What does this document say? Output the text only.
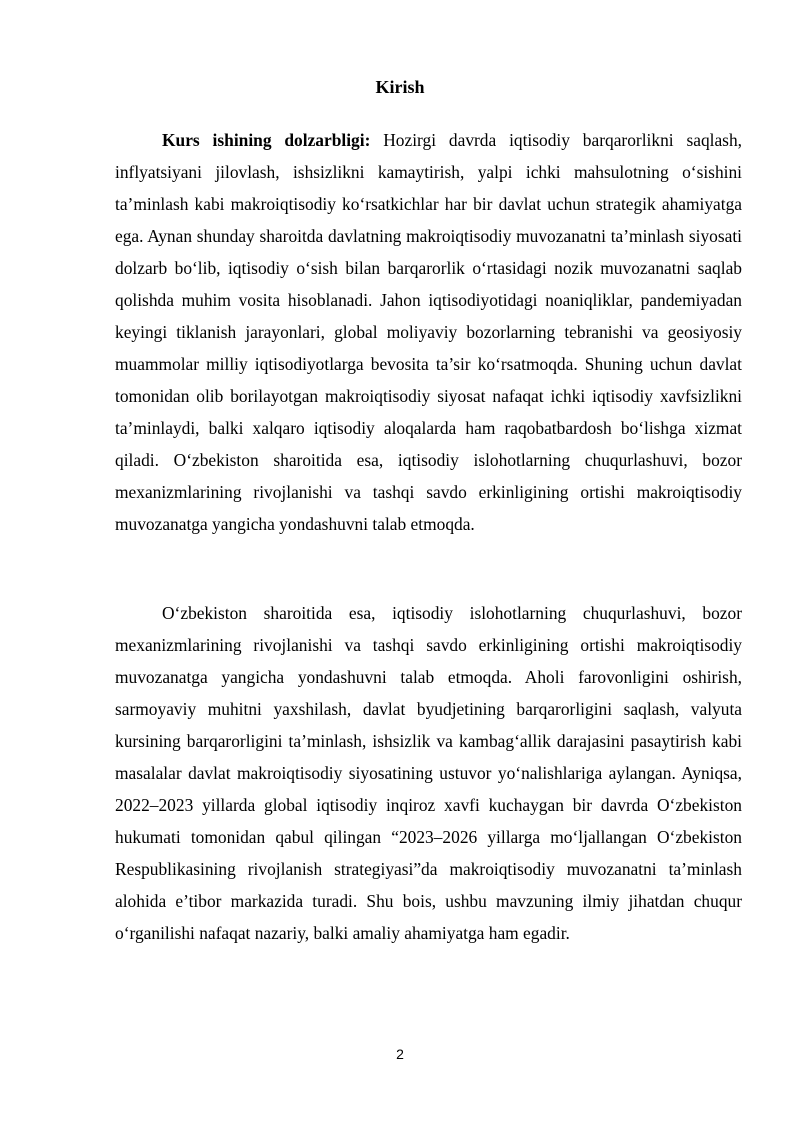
Kirish

Kurs ishining dolzarbligi: Hozirgi davrda iqtisodiy barqarorlikni saqlash, inflyatsiyani jilovlash, ishsizlikni kamaytirish, yalpi ichki mahsulotning o‘sishini ta’minlash kabi makroiqtisodiy ko‘rsatkichlar har bir davlat uchun strategik ahamiyatga ega. Aynan shunday sharoitda davlatning makroiqtisodiy muvozanatni ta’minlash siyosati dolzarb bo‘lib, iqtisodiy o‘sish bilan barqarorlik o‘rtasidagi nozik muvozanatni saqlab qolishda muhim vosita hisoblanadi. Jahon iqtisodiyotidagi noaniqliklar, pandemiyadan keyingi tiklanish jarayonlari, global moliyaviy bozorlarning tebranishi va geosiyosiy muammolar milliy iqtisodiyotlarga bevosita ta’sir ko‘rsatmoqda. Shuning uchun davlat tomonidan olib borilayotgan makroiqtisodiy siyosat nafaqat ichki iqtisodiy xavfsizlikni ta’minlaydi, balki xalqaro iqtisodiy aloqalarda ham raqobatbardosh bo‘lishga xizmat qiladi. O‘zbekiston sharoitida esa, iqtisodiy islohotlarning chuqurlashuvi, bozor mexanizmlarining rivojlanishi va tashqi savdo erkinligining ortishi makroiqtisodiy muvozanatga yangicha yondashuvni talab etmoqda.

O‘zbekiston sharoitida esa, iqtisodiy islohotlarning chuqurlashuvi, bozor mexanizmlarining rivojlanishi va tashqi savdo erkinligining ortishi makroiqtisodiy muvozanatga yangicha yondashuvni talab etmoqda. Aholi farovonligini oshirish, sarmoyaviy muhitni yaxshilash, davlat byudjetining barqarorligini saqlash, valyuta kursining barqarorligini ta’minlash, ishsizlik va kambag‘allik darajasini pasaytirish kabi masalalar davlat makroiqtisodiy siyosatining ustuvor yo‘nalishlariga aylangan. Ayniqsa, 2022–2023 yillarda global iqtisodiy inqiroz xavfi kuchaygan bir davrda O‘zbekiston hukumati tomonidan qabul qilingan “2023–2026 yillarga mo‘ljallangan O‘zbekiston Respublikasining rivojlanish strategiyasi”da makroiqtisodiy muvozanatni ta’minlash alohida e’tibor markazida turadi. Shu bois, ushbu mavzuning ilmiy jihatdan chuqur o‘rganilishi nafaqat nazariy, balki amaliy ahamiyatga ham egadir.

2
